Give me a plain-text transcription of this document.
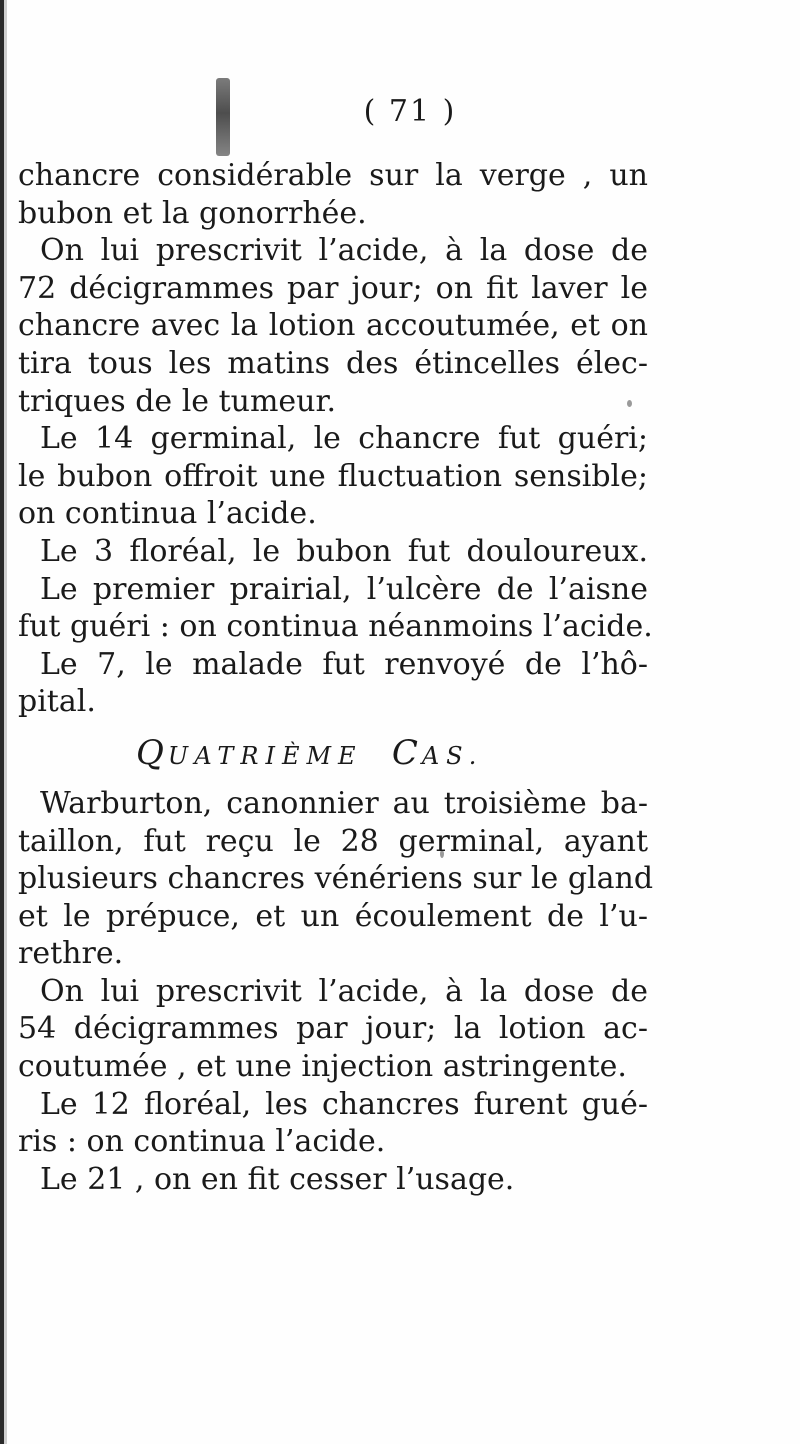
( 71 )
chancre considérable sur la verge , un
bubon et la gonorrhée.
On lui prescrivit l’acide, à la dose de
72 décigrammes par jour; on fit laver le
chancre avec la lotion accoutumée, et on
tira tous les matins des étincelles élec-
triques de le tumeur.
Le 14 germinal, le chancre fut guéri;
le bubon offroit une fluctuation sensible;
on continua l’acide.
Le 3 floréal, le bubon fut douloureux.
Le premier prairial, l’ulcère de l’aisne
fut guéri : on continua néanmoins l’acide.
Le 7, le malade fut renvoyé de l’hô-
pital.
QUATRIÈME CAS.
Warburton, canonnier au troisième ba-
taillon, fut reçu le 28 germinal, ayant
plusieurs chancres vénériens sur le gland
et le prépuce, et un écoulement de l’u-
rethre.
On lui prescrivit l’acide, à la dose de
54 décigrammes par jour; la lotion ac-
coutumée , et une injection astringente.
Le 12 floréal, les chancres furent gué-
ris : on continua l’acide.
Le 21 , on en fit cesser l’usage.
